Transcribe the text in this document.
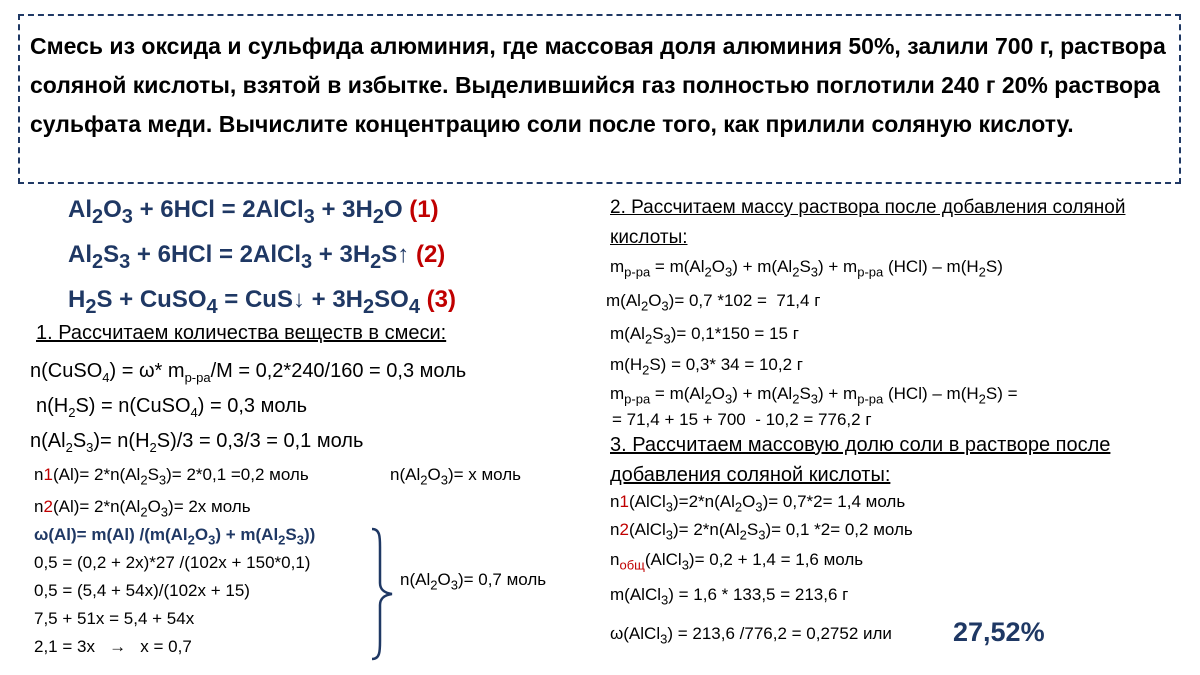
Смесь из оксида и сульфида алюминия, где массовая доля алюминия 50%, залили 700 г, раствора соляной кислоты, взятой в избытке. Выделившийся газ полностью поглотили 240 г 20% раствора сульфата меди. Вычислите концентрацию соли после того, как прилили соляную кислоту.
$Al_2O_3 + 6HCl$ = 2AlCl$_3$ + $3H_2O$ (1)
$Al_2S_3 + 6HCl$ = 2AlCl$_3$ + $3H_2S↑$ (2)
$H_2S$ + CuSO$_4$ = CuS↓ + $3H_2SO_4$ (3)
1. Рассчитаем количества веществ в смеси:
n(CuSO$_4$) = ω* $m_{р-ра}/M = 0,2*240/160 = 0,3$ моль
$n(H_2S)$ = n(CuSO$_4$) = 0,3 моль
$n(Al_2S_3)= n(H_2S)/3 = 0,3/3 = 0,1$ моль
$n1(Al)= 2*n(Al_2S_3)= 2*0,1 =0,2$ моль	$n(Al_2O_3)= x$ моль
$n2(Al)= 2*n(Al_2O_3)= 2x$ моль
ω(Al)= m(Al) $/(m(Al_2O_3) + m(Al_2S_3))$
0,5 = (0,2 + 2x)*27 /(102x + 150*0,1)
0,5 = (5,4 + 54x)/(102x + 15)
7,5 + 51x = 5,4 + 54x
2,1 = 3x   →   x = 0,7
$n(Al_2O_3)= 0,7$ моль
2. Рассчитаем массу раствора после добавления соляной кислоты:
$m_{р-ра} = m(Al_2O_3) + m(Al_2S_3) + m_{р-ра}$ $(HCl) - m(H_2S)$
$m(Al_2O_3)= 0,7$ *102 =  71,4 г
$m(Al_2S_3)= 0,1*150 = 15$ г
$m(H_2S) = 0,3*$ 34 = 10,2 г
$m_{р-ра} = m(Al_2O_3) + m(Al_2S_3) + m_{р-ра}$ $(HCl) - m(H_2S)$ =
= 71,4 + 15 + 700  - 10,2 = 776,2 г
3. Рассчитаем массовую долю соли в растворе после добавления соляной кислоты:
$n1(AlCl_3)=2*n(Al_2O_3)= 0,7*2= 1,4$ моль
n2(AlCl$_3$)= $2*n(Al_2S_3)= 0,1$ *2= 0,2 моль
$n_{общ}(AlCl_3)= 0,2 + 1,4 = 1,6$ моль
m(AlCl$_3$) = 1,6 * 133,5 = 213,6 г
ω(AlCl$_3$) = 213,6 /776,2 = 0,2752 или 27,52%
